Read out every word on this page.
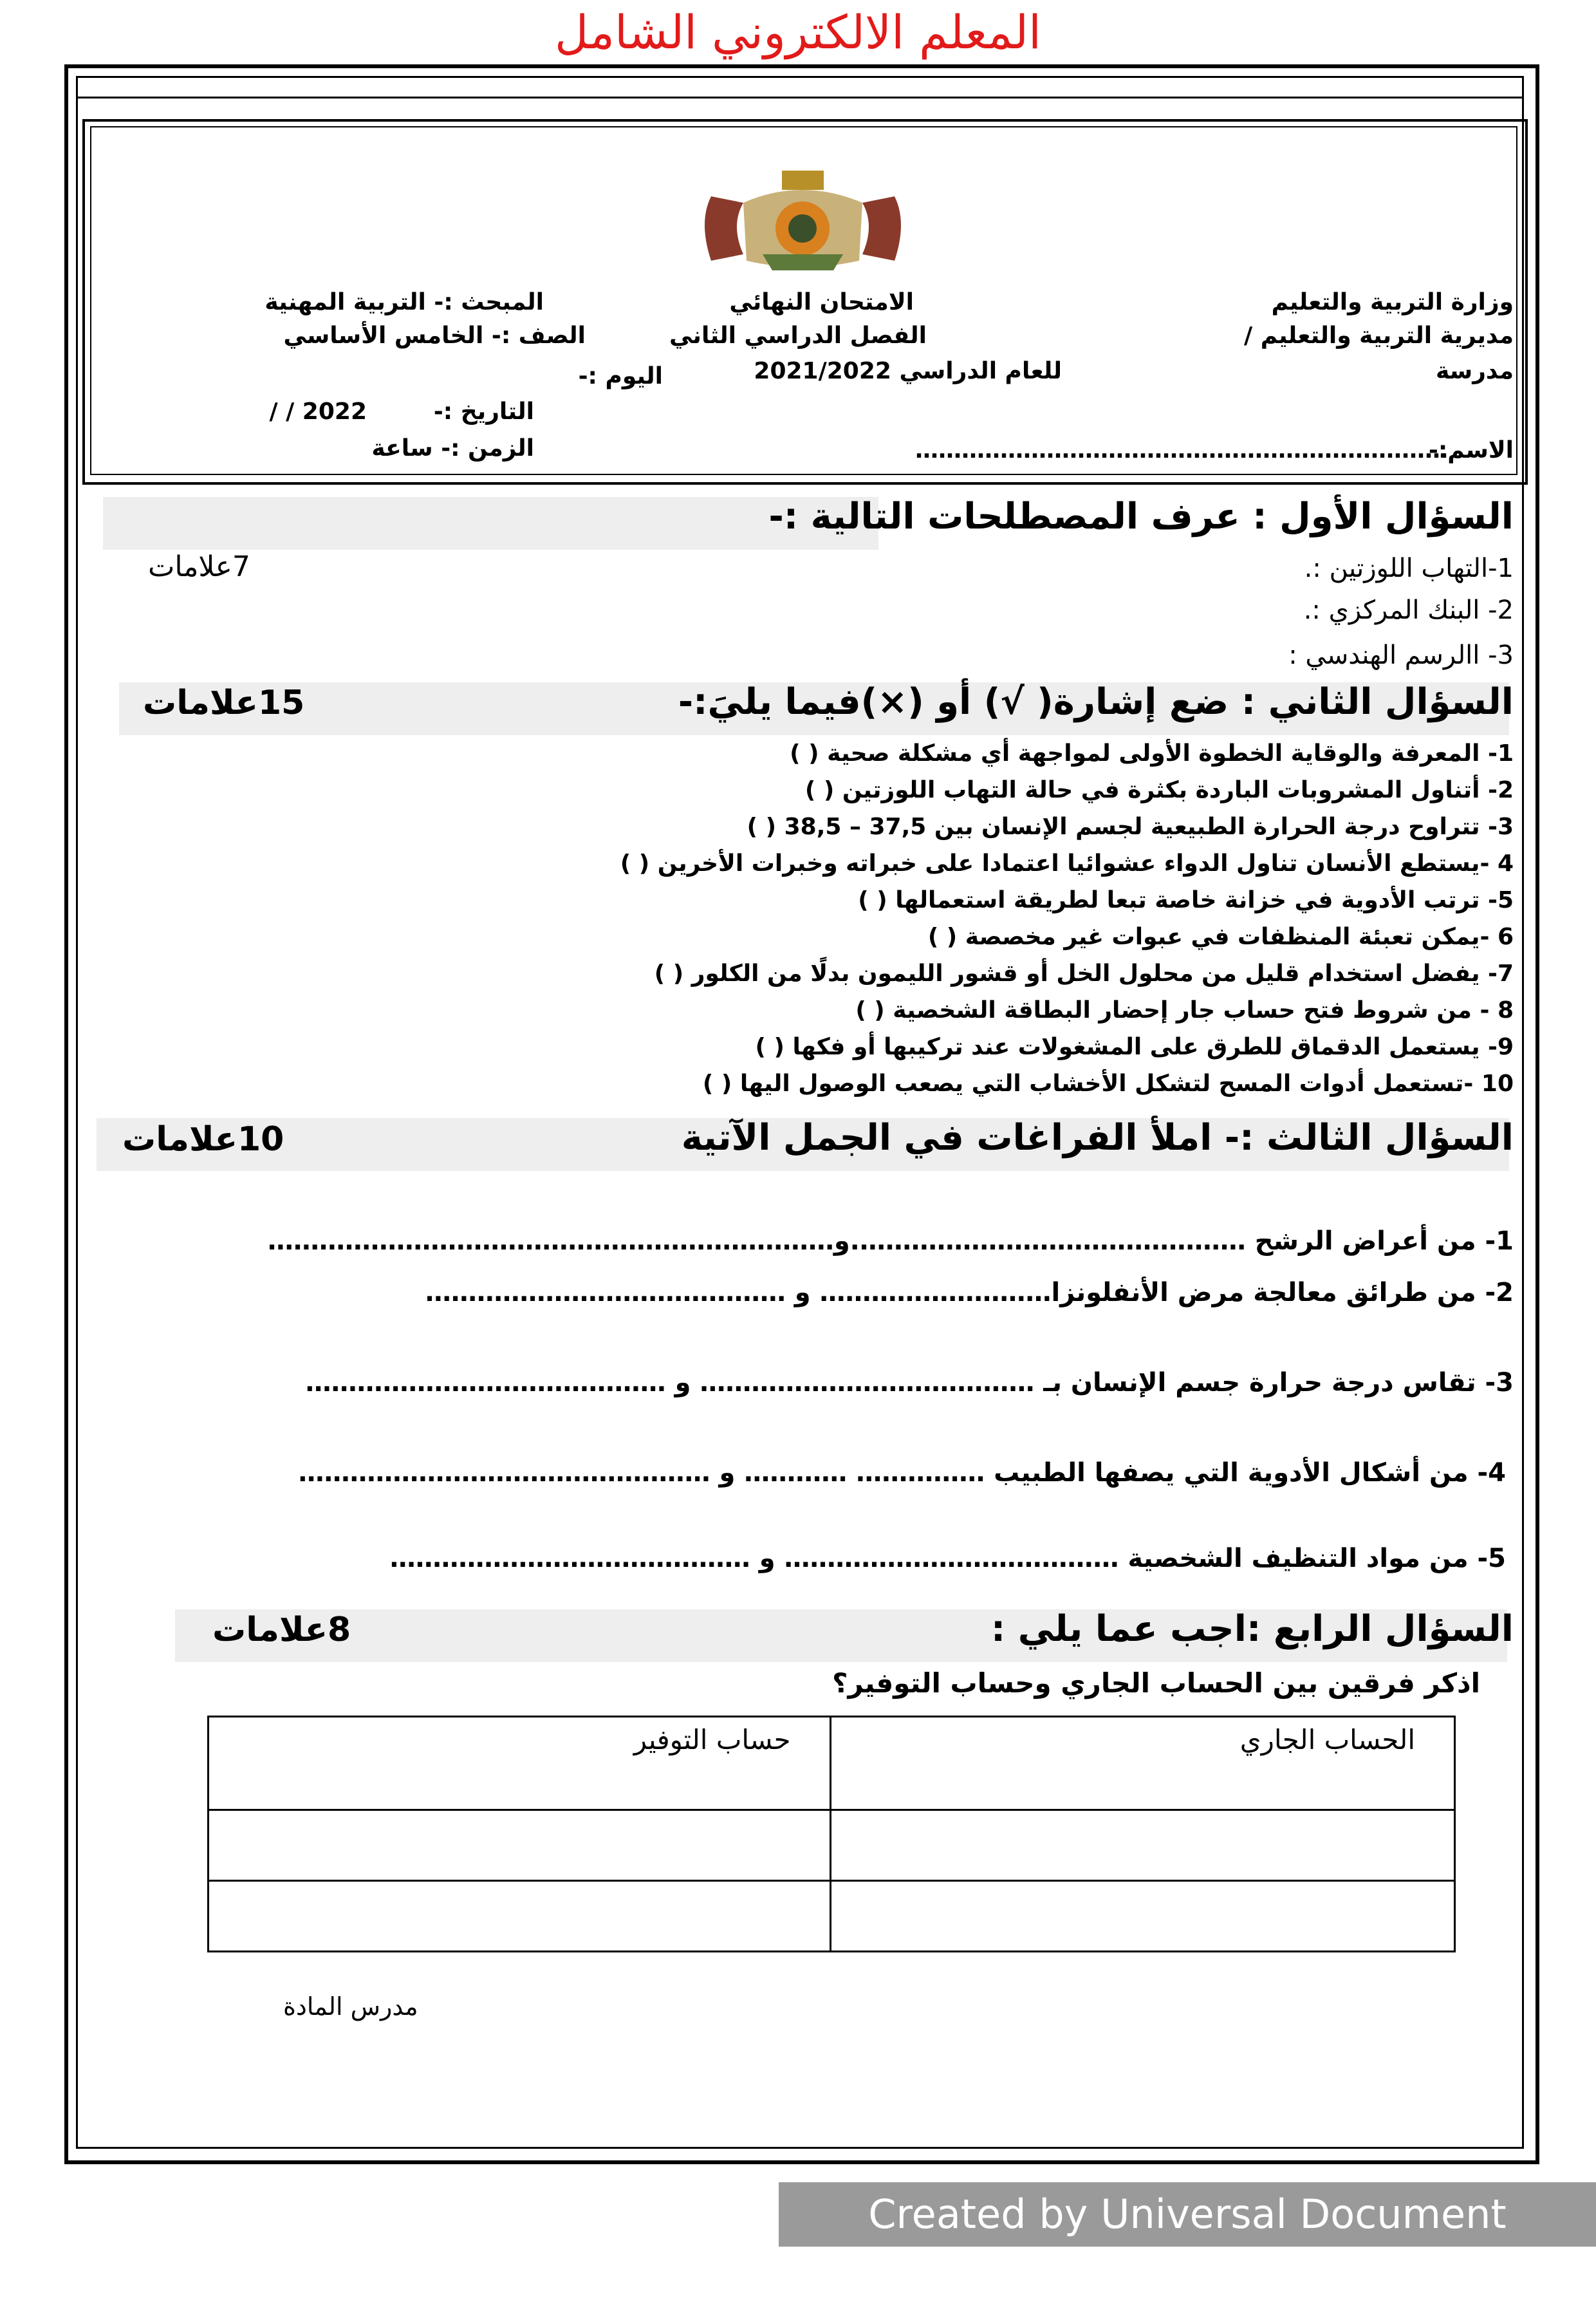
المعلم الالكتروني الشامل
وزارة التربية والتعليم
مديرية التربية والتعليم /
مدرسة
الاسم:-
……………………………………………………………
الامتحان النهائي
الفصل الدراسي الثاني
للعام الدراسي 2021/2022
اليوم :-
المبحث :- التربية المهنية
الصف :- الخامس الأساسي
التاريخ :-
/ / 2022
الزمن :- ساعة
السؤال الأول : عرف المصطلحات التالية :-
7علامات	1-التهاب اللوزتين :.
2- البنك المركزي :.
3- االرسم الهندسي :
السؤال الثاني : ضع إشارة( √) أو (×)فيما يليَ:-
15علامات
1- المعرفة والوقاية الخطوة الأولى لمواجهة أي مشكلة صحية ( )
2- أتناول المشروبات الباردة بكثرة في حالة التهاب اللوزتين ( )
3- تتراوح درجة الحرارة الطبيعية لجسم الإنسان بين 37,5 – 38,5 ( )
4 -يستطع الأنسان تناول الدواء عشوائيا اعتمادا على خبراته وخبرات الأخرين ( )
5- ترتب الأدوية في خزانة خاصة تبعا لطريقة استعمالها ( )
6 -يمكن تعبئة المنظفات في عبوات غير مخصصة ( )
7- يفضل استخدام قليل من محلول الخل أو قشور الليمون بدلًا من الكلور ( )
8 - من شروط فتح حساب جار إحضار البطاقة الشخصية ( )
9- يستعمل الدقماق للطرق على المشغولات عند تركيبها أو فكها ( )
10 -تستعمل أدوات المسح لتشكل الأخشاب التي يصعب الوصول اليها ( )
السؤال الثالث :- املأ الفراغات في الجمل الآتية
10علامات
1- من أعراض الرشح ……………………………………….و…………………………………………………………
2- من طرائق معالجة مرض الأنفلونزا……………………… و ……………………………………
3- تقاس درجة حرارة جسم الإنسان بـ ………………………………… و ……………………………………
4- من أشكال الأدوية التي يصفها الطبيب …………… ………… و …………………………………………
5- من مواد التنظيف الشخصية ………………………………… و ……………………………………
السؤال الرابع :اجب عما يلي :
8علامات
اذكر فرقين بين الحساب الجاري وحساب التوفير؟
الحساب الجاري	حساب التوفير

مدرس المادة
Created by Universal Document Converter
